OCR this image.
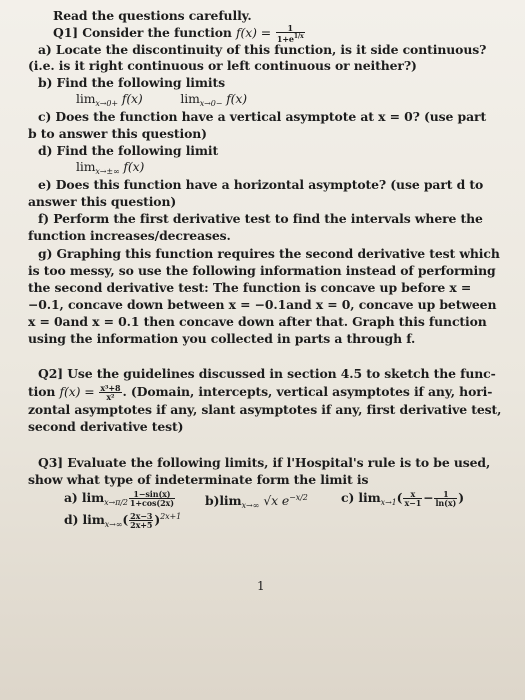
Read the questions carefully.
Q1] Consider the function $f(x) = \frac{1}{1+e^{1/x}}$
a) Locate the discontinuity of this function, is it side continuous?
(i.e. is it right continuous or left continuous or neither?)
b) Find the following limits
$\lim_{x\to 0+} f(x)$	$\lim_{x\to 0-} f(x)$
c) Does the function have a vertical asymptote at x = 0? (use part
b to answer this question)
d) Find the following limit
$\lim_{x\to\pm\infty} f(x)$
e) Does this function have a horizontal asymptote? (use part d to
answer this question)
f) Perform the first derivative test to find the intervals where the
function increases/decreases.
g) Graphing this function requires the second derivative test which
is too messy, so use the following information instead of performing
the second derivative test: The function is concave up before x =
−0.1, concave down between x = −0.1and x = 0, concave up between
x = 0and x = 0.1 then concave down after that. Graph this function
using the information you collected in parts a through f.
Q2] Use the guidelines discussed in section 4.5 to sketch the func-
tion $f(x) = \frac{\text{x³+8}}{\text{x²}}$ . (Domain, intercepts, vertical asymptotes if any, hori-
zontal asymptotes if any, slant asymptotes if any, first derivative test,
second derivative test)
Q3] Evaluate the following limits, if l'Hospital's rule is to be used,
show what type of indeterminate form the limit is
a) $\lim_{x\to\pi/2} \frac{1-\sin(x)}{1+\cos(2x)} b)\lim_{x\to\infty}$ √x $e^{-x/2}$	c) $\lim_{x\to 1}( \frac{x}{x-1} - \frac{1}{\ln(x)}$ )
d) $\lim_{x\to\infty}( \frac{2x-3}{2x+5} )^{2x+1}$
1
